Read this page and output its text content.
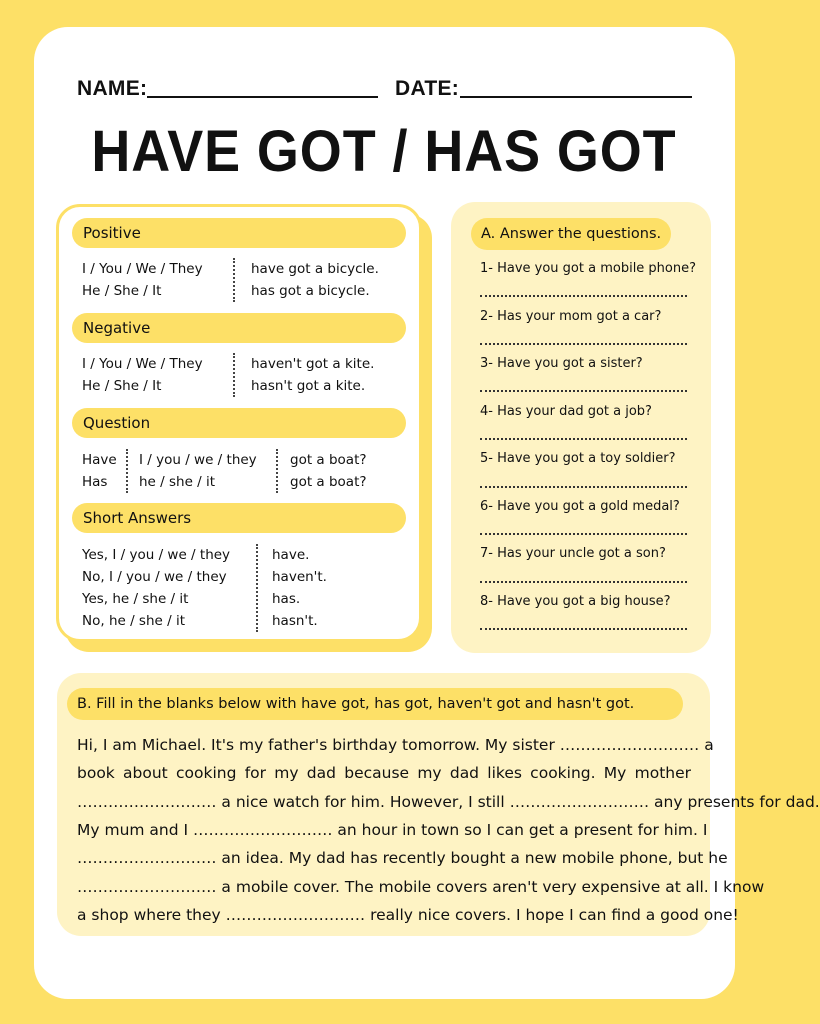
NAME:	DATE:
HAVE GOT / HAS GOT
Positive
I / You / We / They
He / She / It
have got a bicycle.
has got a bicycle.
Negative
I / You / We / They
He / She / It
haven't got a kite.
hasn't got a kite.
Question
Have
Has
I / you / we / they
he / she / it
got a boat?
got a boat?
Short Answers
Yes, I / you / we / they
No, I / you / we / they
Yes, he / she / it
No, he / she / it
have.
haven't.
has.
hasn't.
A. Answer the questions.
1- Have you got a mobile phone?
2- Has your mom got a car?
3- Have you got a sister?
4- Has your dad got a job?
5- Have you got a toy soldier?
6- Have you got a gold medal?
7- Has your uncle got a son?
8- Have you got a big house?
B. Fill in the blanks below with have got, has got, haven't got and hasn't got.
Hi, I am Michael. It's my father's birthday tomorrow. My sister ……………………… a
book about cooking for my dad because my dad likes cooking. My mother
……………………… a nice watch for him. However, I still ……………………… any presents for dad.
My mum and I ……………………… an hour in town so I can get a present for him. I
……………………… an idea. My dad has recently bought a new mobile phone, but he
……………………… a mobile cover. The mobile covers aren't very expensive at all. I know
a shop where they ……………………… really nice covers. I hope I can find a good one!
